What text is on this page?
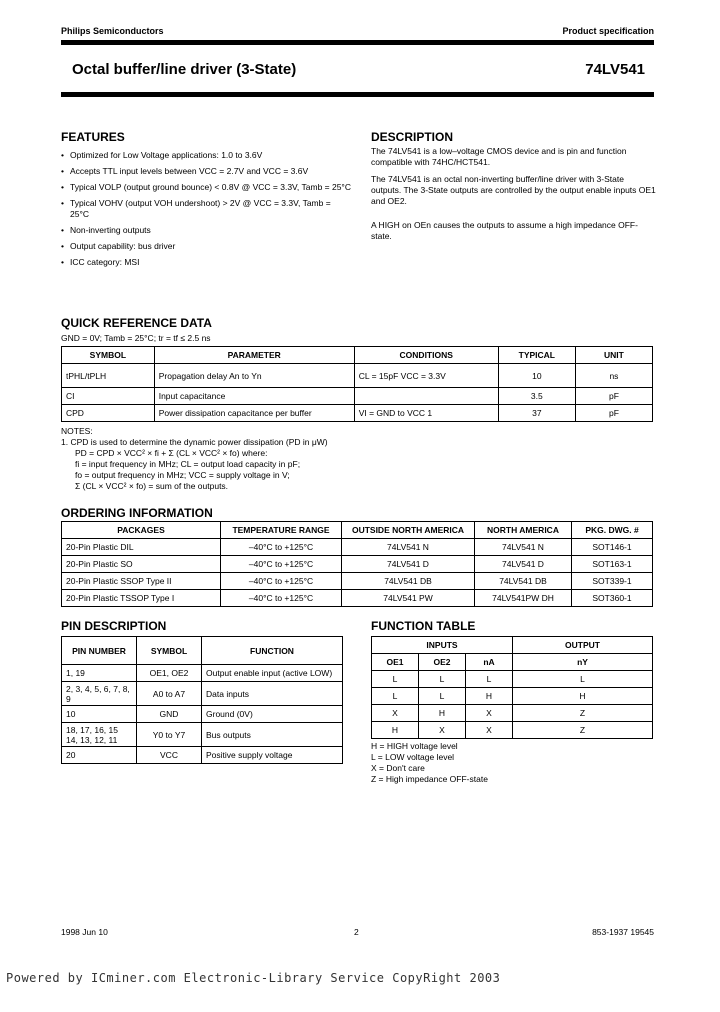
Philips Semiconductors	Product specification
Octal buffer/line driver (3-State)	74LV541
FEATURES
• Optimized for Low Voltage applications: 1.0 to 3.6V
• Accepts TTL input levels between VCC = 2.7V and VCC = 3.6V
• Typical VOLP (output ground bounce) < 0.8V @ VCC = 3.3V, Tamb = 25°C
• Typical VOHV (output VOH undershoot) > 2V @ VCC = 3.3V, Tamb = 25°C
• Non-inverting outputs
• Output capability: bus driver
• ICC category: MSI
DESCRIPTION
The 74LV541 is a low–voltage CMOS device and is pin and function compatible with 74HC/HCT541.
The 74LV541 is an octal non-inverting buffer/line driver with 3-State outputs. The 3-State outputs are controlled by the output enable inputs OE1 and OE2.
A HIGH on OEn causes the outputs to assume a high impedance OFF-state.
QUICK REFERENCE DATA
GND = 0V; Tamb = 25°C; tr = tf ≤ 2.5 ns
SYMBOL	PARAMETER	CONDITIONS	TYPICAL	UNIT
tPHL/tPLH	Propagation delay An to Yn	CL = 15pF VCC = 3.3V	10	ns
CI	Input capacitance		3.5	pF
CPD	Power dissipation capacitance per buffer	VI = GND to VCC 1	37	pF
NOTES:
1. CPD is used to determine the dynamic power dissipation (PD in μW)
PD = CPD × VCC² × fi + Σ (CL × VCC² × fo) where:
fi = input frequency in MHz; CL = output load capacity in pF;
fo = output frequency in MHz; VCC = supply voltage in V;
Σ (CL × VCC² × fo) = sum of the outputs.
ORDERING INFORMATION
PACKAGES	TEMPERATURE RANGE	OUTSIDE NORTH AMERICA	NORTH AMERICA	PKG. DWG. #
20-Pin Plastic DIL	–40°C to +125°C	74LV541 N	74LV541 N	SOT146-1
20-Pin Plastic SO	–40°C to +125°C	74LV541 D	74LV541 D	SOT163-1
20-Pin Plastic SSOP Type II	–40°C to +125°C	74LV541 DB	74LV541 DB	SOT339-1
20-Pin Plastic TSSOP Type I	–40°C to +125°C	74LV541 PW	74LV541PW DH	SOT360-1
PIN DESCRIPTION
PIN NUMBER	SYMBOL	FUNCTION
1, 19	OE1, OE2	Output enable input (active LOW)
2, 3, 4, 5, 6, 7, 8, 9	A0 to A7	Data inputs
10	GND	Ground (0V)
18, 17, 16, 15 14, 13, 12, 11	Y0 to Y7	Bus outputs
20	VCC	Positive supply voltage
FUNCTION TABLE
INPUTS			OUTPUT
OE1	OE2	nA	nY
L	L	L	L
L	L	H	H
X	H	X	Z
H	X	X	Z
H = HIGH voltage level
L = LOW voltage level
X = Don't care
Z = High impedance OFF-state
1998 Jun 10	2	853-1937 19545
Powered by ICminer.com Electronic-Library Service CopyRight 2003
